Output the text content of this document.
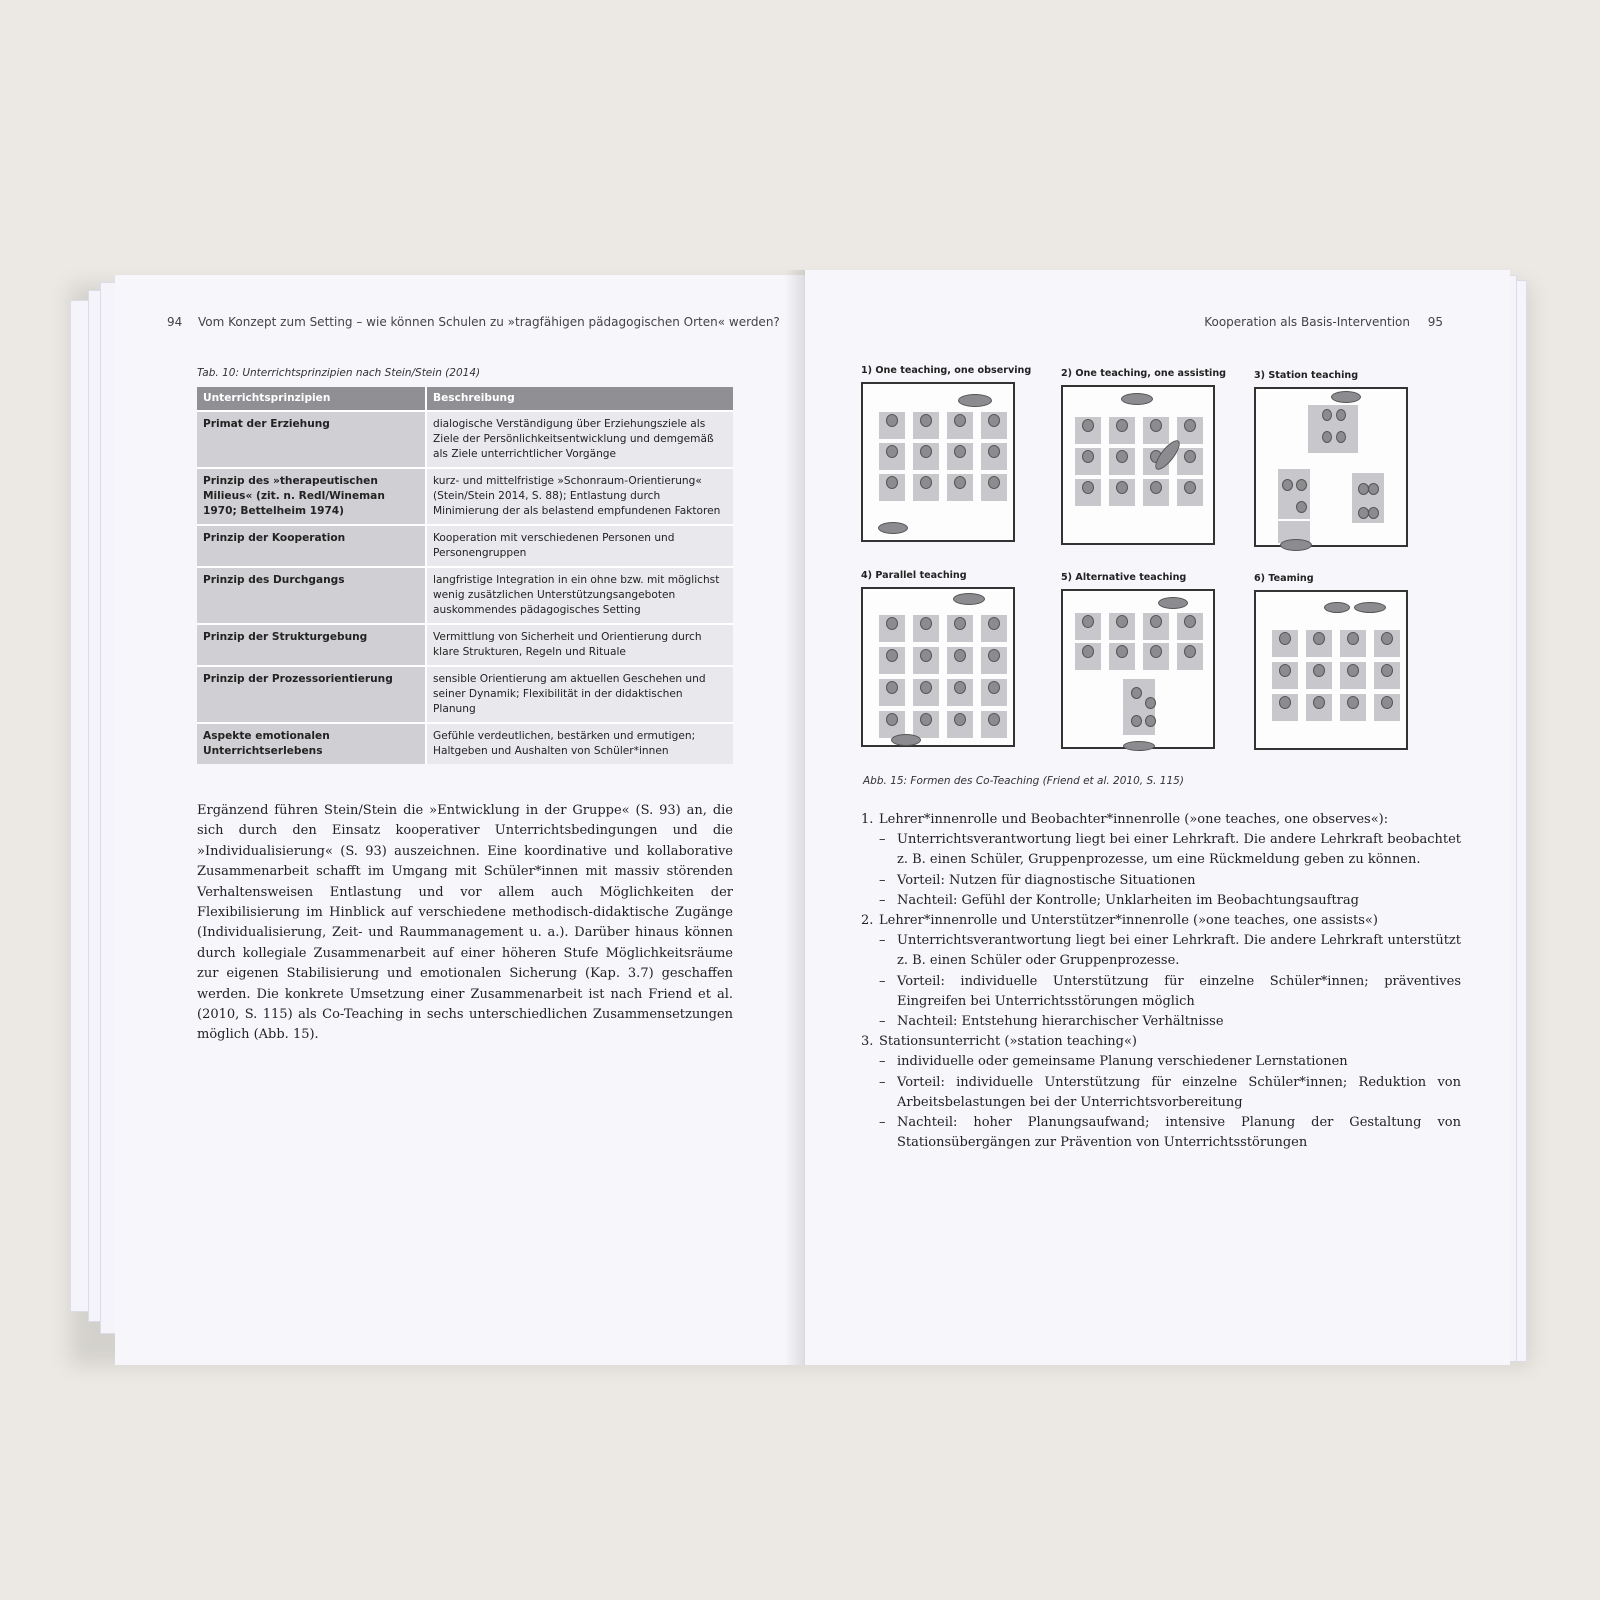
94 Vom Konzept zum Setting – wie können Schulen zu »tragfähigen pädagogischen Orten« werden?
Tab. 10: Unterrichtsprinzipien nach Stein/Stein (2014)
Unterrichtsprinzipien	Beschreibung
Primat der Erziehung	dialogische Verständigung über Erziehungsziele als Ziele der Persönlichkeitsentwicklung und demgemäß als Ziele unterrichtlicher Vorgänge
Prinzip des »therapeutischen Milieus« (zit. n. Redl/Wineman 1970; Bettelheim 1974)	kurz- und mittelfristige »Schonraum-Orientierung« (Stein/Stein 2014, S. 88); Entlastung durch Minimierung der als belastend empfundenen Faktoren
Prinzip der Kooperation	Kooperation mit verschiedenen Personen und Personengruppen
Prinzip des Durchgangs	langfristige Integration in ein ohne bzw. mit möglichst wenig zusätzlichen Unterstützungsangeboten auskommendes pädagogisches Setting
Prinzip der Strukturgebung	Vermittlung von Sicherheit und Orientierung durch klare Strukturen, Regeln und Rituale
Prinzip der Prozessorientierung	sensible Orientierung am aktuellen Geschehen und seiner Dynamik; Flexibilität in der didaktischen Planung
Aspekte emotionalen Unterrichtserlebens	Gefühle verdeutlichen, bestärken und ermutigen; Haltgeben und Aushalten von Schüler*innen
Ergänzend führen Stein/Stein die »Entwicklung in der Gruppe« (S. 93) an, die sich durch den Einsatz kooperativer Unterrichtsbedingungen und die »Individualisierung« (S. 93) auszeichnen. Eine koordinative und kollaborative Zusammenarbeit schafft im Umgang mit Schüler*innen mit massiv störenden Verhaltensweisen Entlastung und vor allem auch Möglichkeiten der Flexibilisierung im Hinblick auf verschiedene methodisch-didaktische Zugänge (Individualisierung, Zeit- und Raummanagement u. a.). Darüber hinaus können durch kollegiale Zusammenarbeit auf einer höheren Stufe Möglichkeitsräume zur eigenen Stabilisierung und emotionalen Sicherung (Kap. 3.7) geschaffen werden. Die konkrete Umsetzung einer Zusammenarbeit ist nach Friend et al. (2010, S. 115) als Co-Teaching in sechs unterschiedlichen Zusammensetzungen möglich (Abb. 15).
Kooperation als Basis-Intervention 95
1) One teaching, one observing	2) One teaching, one assisting	3) Station teaching
4) Parallel teaching	5) Alternative teaching	6) Teaming
Abb. 15: Formen des Co-Teaching (Friend et al. 2010, S. 115)
1. Lehrer*innenrolle und Beobachter*innenrolle (»one teaches, one observes«):
– Unterrichtsverantwortung liegt bei einer Lehrkraft. Die andere Lehrkraft beobachtet z. B. einen Schüler, Gruppenprozesse, um eine Rückmeldung geben zu können.
– Vorteil: Nutzen für diagnostische Situationen
– Nachteil: Gefühl der Kontrolle; Unklarheiten im Beobachtungsauftrag
2. Lehrer*innenrolle und Unterstützer*innenrolle (»one teaches, one assists«)
– Unterrichtsverantwortung liegt bei einer Lehrkraft. Die andere Lehrkraft unterstützt z. B. einen Schüler oder Gruppenprozesse.
– Vorteil: individuelle Unterstützung für einzelne Schüler*innen; präventives Eingreifen bei Unterrichtsstörungen möglich
– Nachteil: Entstehung hierarchischer Verhältnisse
3. Stationsunterricht (»station teaching«)
– individuelle oder gemeinsame Planung verschiedener Lernstationen
– Vorteil: individuelle Unterstützung für einzelne Schüler*innen; Reduktion von Arbeitsbelastungen bei der Unterrichtsvorbereitung
– Nachteil: hoher Planungsaufwand; intensive Planung der Gestaltung von Stationsübergängen zur Prävention von Unterrichtsstörungen
